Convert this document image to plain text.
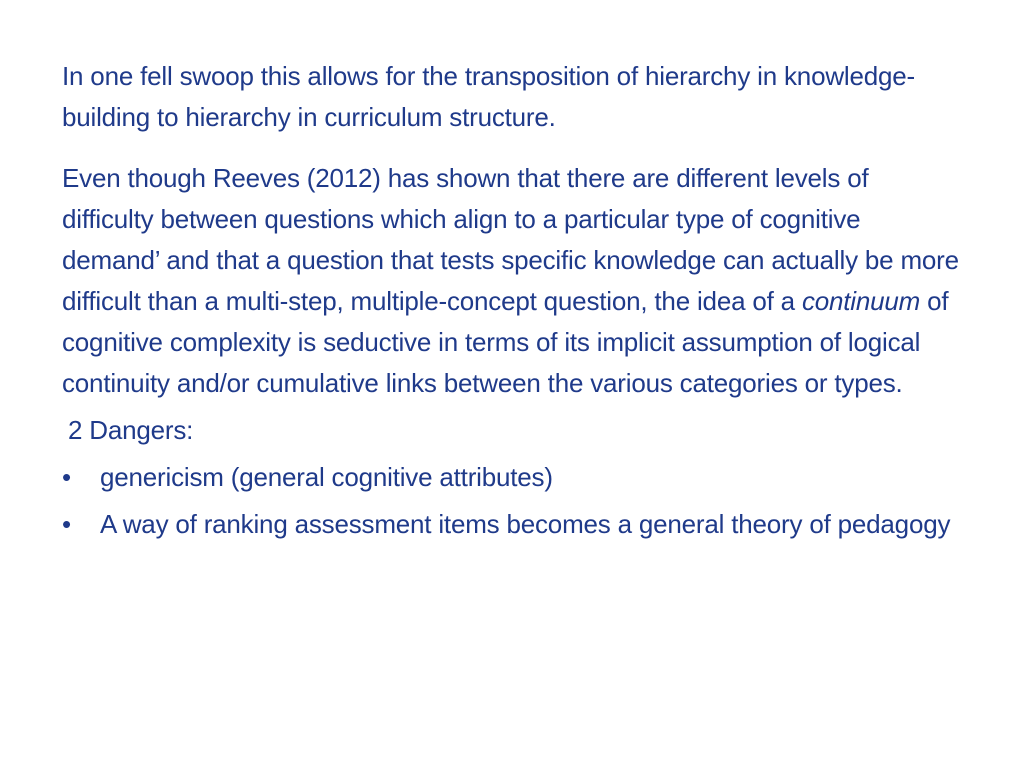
In one fell swoop this allows for the transposition of hierarchy in knowledge-building to hierarchy in curriculum structure.

Even though Reeves (2012) has shown that there are different levels of difficulty between questions which align to a particular type of cognitive demand’ and that a question that tests specific knowledge can actually be more difficult than a multi-step, multiple-concept question, the idea of a continuum of cognitive complexity is seductive in terms of its implicit assumption of logical continuity and/or cumulative links between the various categories or types.

2 Dangers:
• genericism (general cognitive attributes)
• A way of ranking assessment items becomes a general theory of pedagogy
